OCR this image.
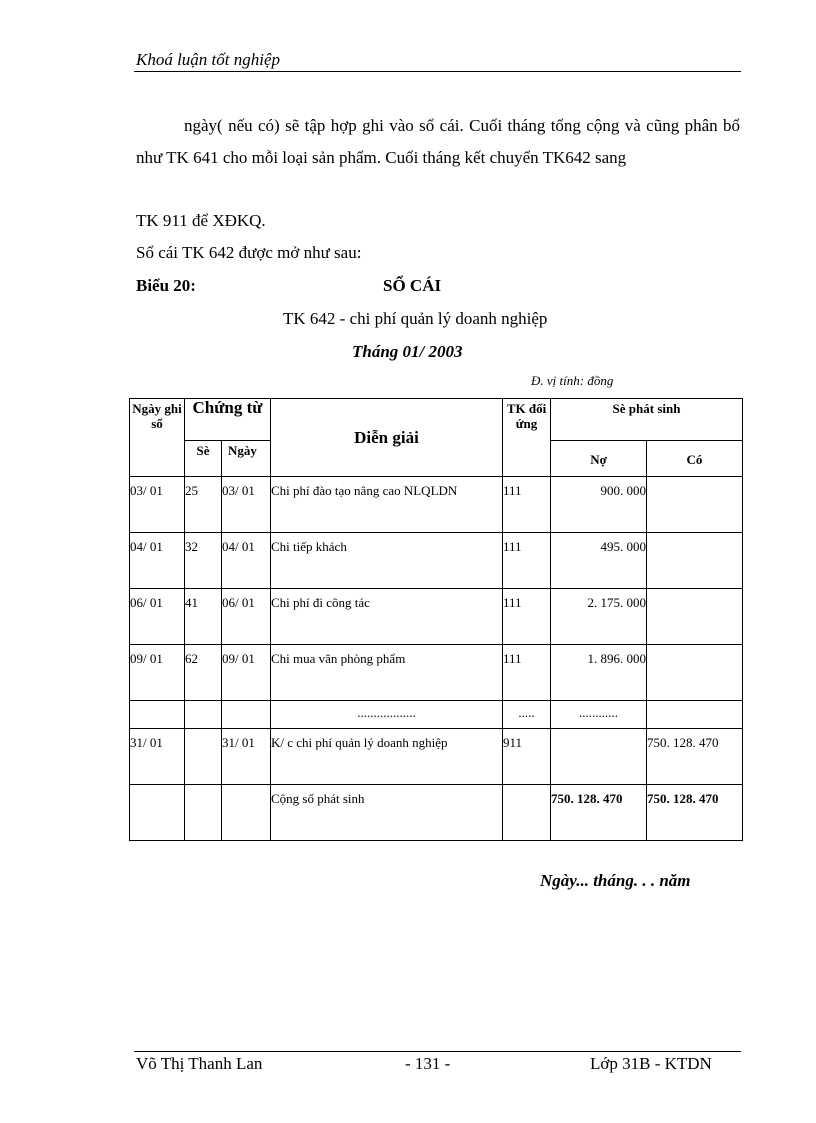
Khoá luận tốt nghiệp
ngày( nếu có) sẽ tập hợp ghi vào sổ cái. Cuối tháng tổng cộng và cũng phân bổ như TK 641 cho mỗi loại sản phẩm. Cuối tháng kết chuyển TK642 sang
TK 911 để XĐKQ.
Sổ cái TK 642 được mở như sau:
Biểu 20:	SỔ CÁI
TK 642 - chi phí quản lý doanh nghiệp
Tháng 01/ 2003
Đ. vị tính: đồng
Ngày ghi sổ	Chứng từ		Diễn giải	TK đối ứng	Sè phát sinh	
	Sè	Ngày			Nợ	Có
03/ 01	25	03/ 01	Chi phí đào tạo nâng cao NLQLDN	111	900. 000	
04/ 01	32	04/ 01	Chi tiếp khách	111	495. 000	
06/ 01	41	06/ 01	Chi phí đi công tác	111	2. 175. 000	
09/ 01	62	09/ 01	Chi mua văn phòng phẩm	111	1. 896. 000	
			..................	.....	............	
31/ 01		31/ 01	K/ c chi phí quản lý doanh nghiệp	911		750. 128. 470
			Cộng số phát sinh		750. 128. 470	750. 128. 470
Ngày... tháng. . . năm
Võ Thị Thanh Lan	- 131 -	Lớp 31B - KTDN
